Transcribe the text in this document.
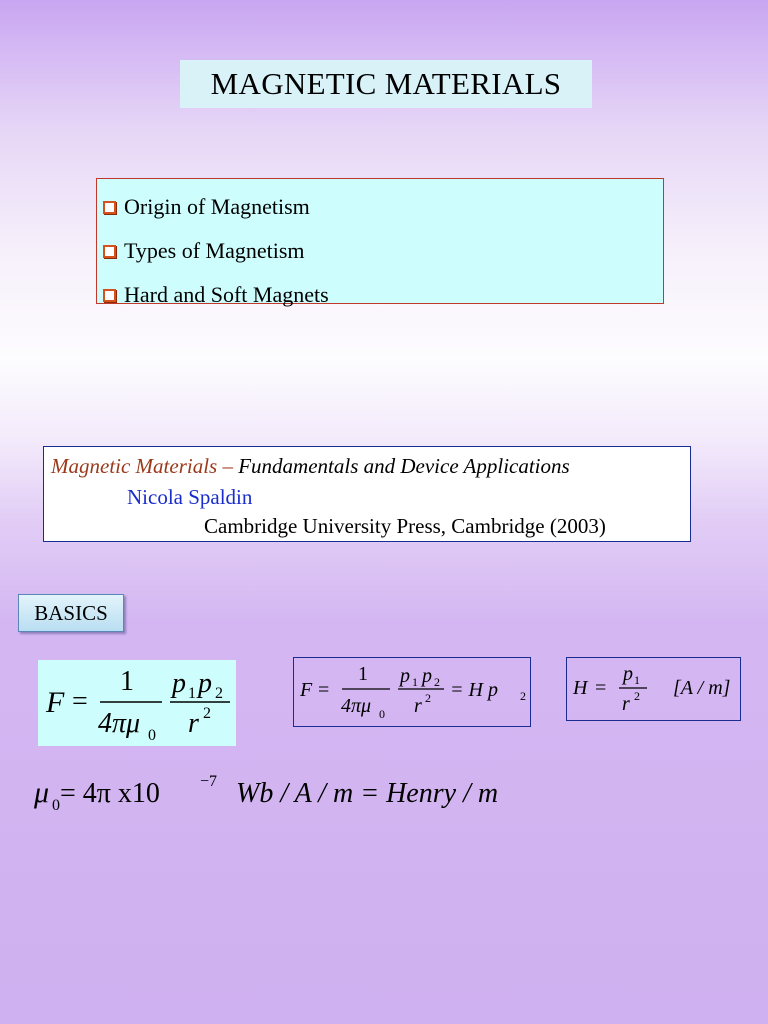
MAGNETIC MATERIALS
Origin of Magnetism
Types of Magnetism
Hard and Soft Magnets
Magnetic Materials – Fundamentals and Device Applications
Nicola Spaldin
Cambridge University Press, Cambridge (2003)
BASICS
F =
1
4πμ 0
p 1 p 2
r 2
F =
1
4πμ 0
p 1 p 2
r 2 = H p 2 H =
p 1
r 2 [A / m]
μ 0 = 4π x10	−7 Wb / A / m = Henry / m
